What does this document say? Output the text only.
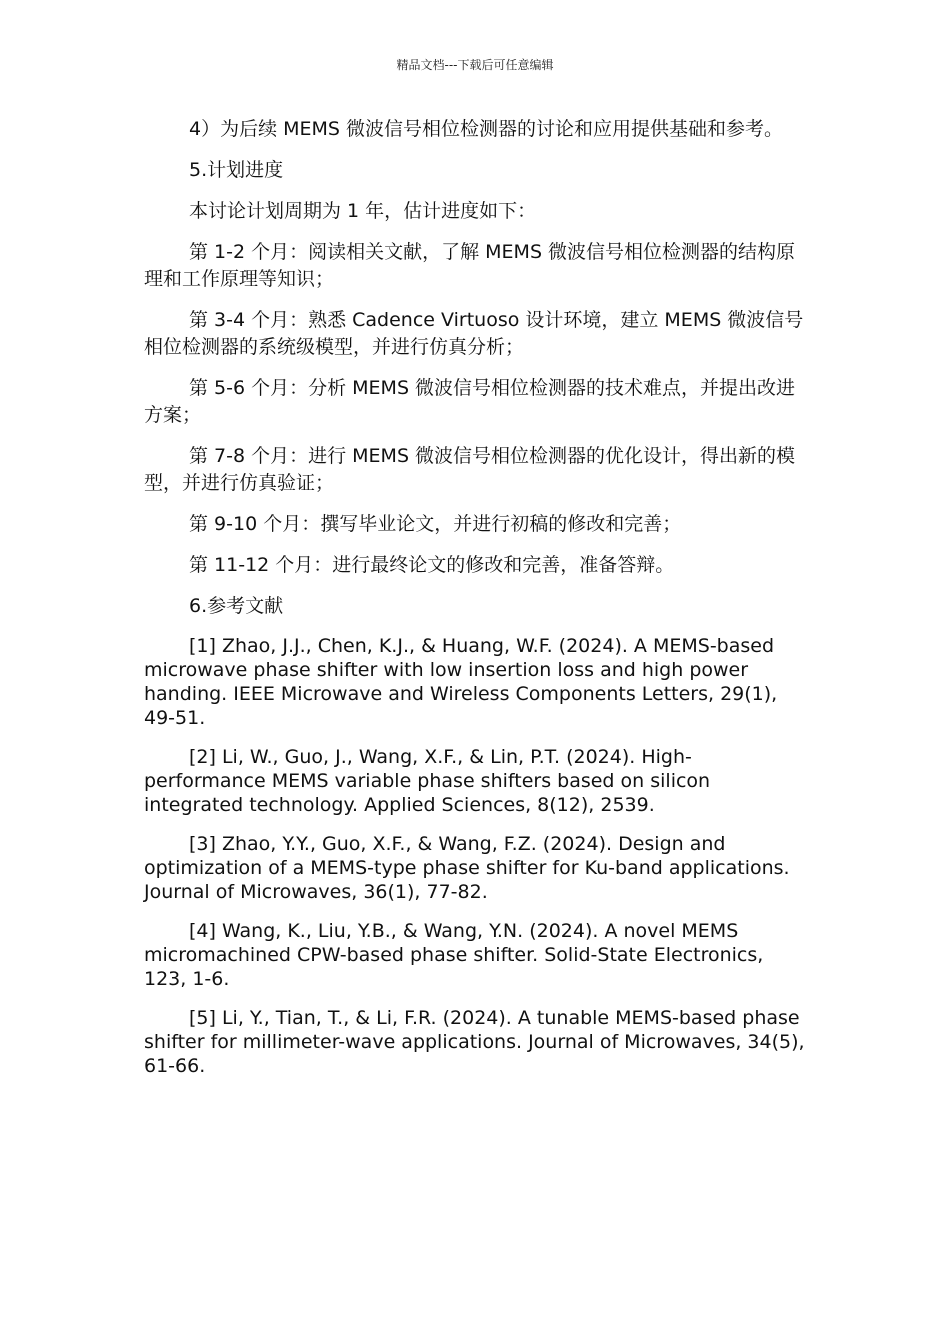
精品文档---下载后可任意编辑

4）为后续 MEMS 微波信号相位检测器的讨论和应用提供基础和参考。

5.计划进度

本讨论计划周期为 1 年，估计进度如下：

第 1-2 个月：阅读相关文献，了解 MEMS 微波信号相位检测器的结构原理和工作原理等知识；

第 3-4 个月：熟悉 Cadence Virtuoso 设计环境，建立 MEMS 微波信号相位检测器的系统级模型，并进行仿真分析；

第 5-6 个月：分析 MEMS 微波信号相位检测器的技术难点，并提出改进方案；

第 7-8 个月：进行 MEMS 微波信号相位检测器的优化设计，得出新的模型，并进行仿真验证；

第 9-10 个月：撰写毕业论文，并进行初稿的修改和完善；

第 11-12 个月：进行最终论文的修改和完善，准备答辩。

6.参考文献

[1] Zhao, J.J., Chen, K.J., & Huang, W.F. (2024). A MEMS-based microwave phase shifter with low insertion loss and high power handing. IEEE Microwave and Wireless Components Letters, 29(1), 49-51.

[2] Li, W., Guo, J., Wang, X.F., & Lin, P.T. (2024). High-performance MEMS variable phase shifters based on silicon integrated technology. Applied Sciences, 8(12), 2539.

[3] Zhao, Y.Y., Guo, X.F., & Wang, F.Z. (2024). Design and optimization of a MEMS-type phase shifter for Ku-band applications. Journal of Microwaves, 36(1), 77-82.

[4] Wang, K., Liu, Y.B., & Wang, Y.N. (2024). A novel MEMS micromachined CPW-based phase shifter. Solid-State Electronics, 123, 1-6.

[5] Li, Y., Tian, T., & Li, F.R. (2024). A tunable MEMS-based phase shifter for millimeter-wave applications. Journal of Microwaves, 34(5), 61-66.
